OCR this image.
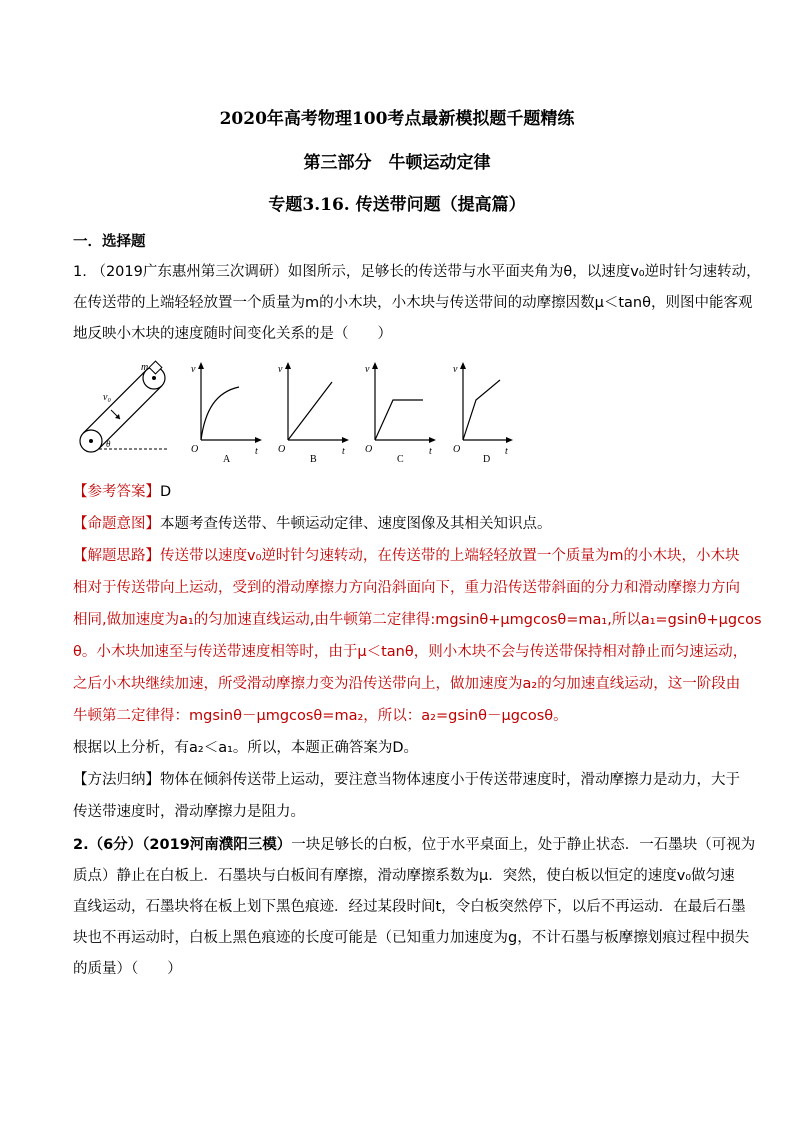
2020年高考物理100考点最新模拟题千题精练
第三部分　牛顿运动定律
专题3.16. 传送带问题（提高篇）
一．选择题
1. （2019广东惠州第三次调研）如图所示，足够长的传送带与水平面夹角为θ，以速度v₀逆时针匀速转动，
在传送带的上端轻轻放置一个质量为m的小木块，小木块与传送带间的动摩擦因数μ＜tanθ，则图中能客观
地反映小木块的速度随时间变化关系的是（　　）
m
v₀
θ
v
t
O
A
v
t
O
B
v
t
O
C
v
t
O
D
【参考答案】D
【命题意图】本题考查传送带、牛顿运动定律、速度图像及其相关知识点。
【解题思路】传送带以速度v₀逆时针匀速转动，在传送带的上端轻轻放置一个质量为m的小木块，小木块
相对于传送带向上运动，受到的滑动摩擦力方向沿斜面向下，重力沿传送带斜面的分力和滑动摩擦力方向
相同,做加速度为a₁的匀加速直线运动,由牛顿第二定律得:mgsinθ+μmgcosθ=ma₁,所以a₁=gsinθ+μgcos
θ。小木块加速至与传送带速度相等时，由于μ＜tanθ，则小木块不会与传送带保持相对静止而匀速运动，
之后小木块继续加速，所受滑动摩擦力变为沿传送带向上，做加速度为a₂的匀加速直线运动，这一阶段由
牛顿第二定律得：mgsinθ－μmgcosθ=ma₂，所以：a₂=gsinθ－μgcosθ。
根据以上分析，有a₂＜a₁。所以，本题正确答案为D。
【方法归纳】物体在倾斜传送带上运动，要注意当物体速度小于传送带速度时，滑动摩擦力是动力，大于
传送带速度时，滑动摩擦力是阻力。
2.（6分）（2019河南濮阳三模）一块足够长的白板，位于水平桌面上，处于静止状态．一石墨块（可视为
质点）静止在白板上．石墨块与白板间有摩擦，滑动摩擦系数为μ．突然，使白板以恒定的速度v₀做匀速
直线运动，石墨块将在板上划下黑色痕迹．经过某段时间t，令白板突然停下，以后不再运动．在最后石墨
块也不再运动时，白板上黑色痕迹的长度可能是（已知重力加速度为g，不计石墨与板摩擦划痕过程中损失
的质量）（　　）
